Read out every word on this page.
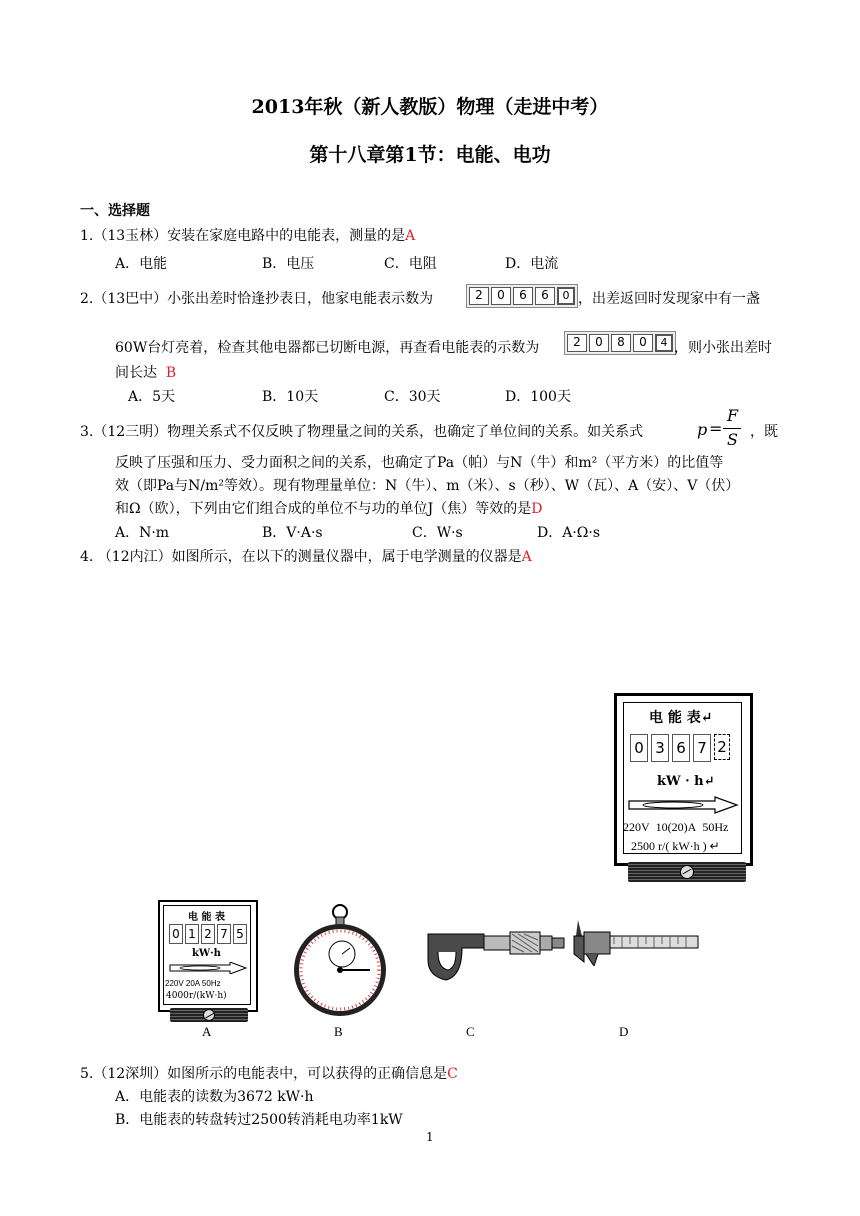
2013年秋（新人教版）物理（走进中考）
第十八章第1节：电能、电功
一、选择题
1.（13玉林）安装在家庭电路中的电能表，测量的是A
A．电能	B．电压	C．电阻	D．电流
2.（13巴中）小张出差时恰逢抄表日，他家电能表示数为	2	0	6	6	0 ，出差返回时发现家中有一盏
60W台灯亮着，检查其他电器都已切断电源，再查看电能表的示数为	2	0	8	0	4 ，则小张出差时
间长达 B
A．5天	B．10天	C．30天	D．100天
3.（12三明）物理关系式不仅反映了物理量之间的关系，也确定了单位间的关系。如关系式	p =
F
S ，既
反映了压强和压力、受力面积之间的关系，也确定了Pa（帕）与N（牛）和m²（平方米）的比值等
效（即Pa与N/m²等效）。现有物理量单位：N（牛）、m（米）、s（秒）、W（瓦）、A（安）、V（伏）
和Ω（欧），下列由它们组合成的单位不与功的单位J（焦）等效的是D
A．N·m	B．V·A·s	C．W·s	D．A·Ω·s
4. （12内江）如图所示，在以下的测量仪器中，属于电学测量的仪器是A
电 能 表↵
0 3 6 7 2
kW · h↵
220V 10(20)A 50Hz
2500 r/( kW·h ) ↵
电 能 表
0 1 2 7 5
kW·h
220V 20A 50Hz
4000r/(kW·h)
A	B	C	D
5.（12深圳）如图所示的电能表中，可以获得的正确信息是C
A．电能表的读数为3672 kW·h
B．电能表的转盘转过2500转消耗电功率1kW
1
